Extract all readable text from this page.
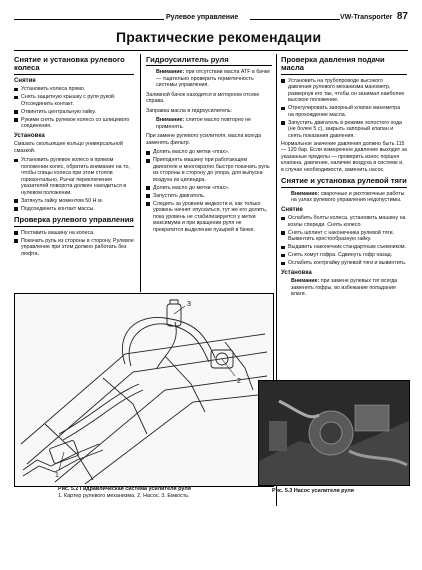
Рулевое управление	VW-Transporter 87
Практические рекомендации
Снятие и установка рулевого колеса
Снятие
Установить колеса прямо.
Снять защитную крышку с руля рукой. Отсоединить контакт.
Отвинтить центральную гайку.
Рукими снять рулевое колесо со шлицевого соединения.
Установка

Смазать скользящее кольцо универсальной смазкой.

Установить рулевое колесо в прямом положении колес, обратить внимание на то, чтобы спицы колеса при этом стояли горизонтально. Рычаг переключения указателей поворота должен находиться в нулевом положении.
Затянуть гайку моментом 50 Н м.
Подсоединить контакт массы.
Проверка рулевого управления
Поставить машину на колеса.
Покачать руль из стороны в сторону. Рулевое управление при этом должно работать без люфта.
Гидроусилитель руля
Внимание: при отсутствии масла ATF в бачке — тщательно проверить герметичность системы управления.

Заливной бачок находится в моторном отсеке справа.

Заправка масла в гидроусилитель:

Внимание: слитое масло повторно не применять.

При замене рулевого усилителя, масла всегда заменять фильтр.

Долить масло до метки «max».
Приподнять машину при работающем двигателе и многократно быстро покачать руль из стороны в сторону до упора, для выпуска воздуха из цилиндра.
Долить масло до метки «max».
Запустить двигатель.
Следить за уровнем жидкости и, как только уровень начнет опускаться, тут же его долить, пока уровень не стабилизируется у метки максимума и при вращении руля не прекратится выделение пузырей в бачке.
Проверка давления подачи масла
Установить на трубопроводе высокого давления рулевого механизма манометр, развернув его так, чтобы он занимал наиболее высокое положение.
Отрегулировать запорный клапан манометра на прохождение масла.
Запустить двигатель в режиме холостого хода (не более 5 с), закрыть запорный клапан и снять показания давления.

Нормальное значение давления должно быть 115 — 120 бар. Если измеренное давление выходит за указанные пределы — проверить износ поршня клапана, давление, наличие воздуха в системе и, в случае необходимости, заменить насос.

Снятие и установка рулевой тяги
Внимание: сварочные и рихтовочные работы на узлах рулевого управления недопустимы.
Снятие
Ослабить болты колеса, установить машину на козлы спереди. Снять колесо.
Снять шплинт с наконечника рулевой тяги. Вывинтить крестообразную гайку.
Выдавить наконечник стандартным съемником.
Снять хомут гофра. Сдвинуть гофр назад.
Ослабить контргайку рулевой тяги и вывинтить.
Установка
Внимание: при замене рулевых тяг всегда заменять гофры, во избежание попадания влаги.
1
2
3
Рис. 5.2 Гидравлическая система усилителя руля
1. Картер рулевого механизма. 2. Насос. 3. Емкость.
Рис. 5.3 Насос усилителя руля
